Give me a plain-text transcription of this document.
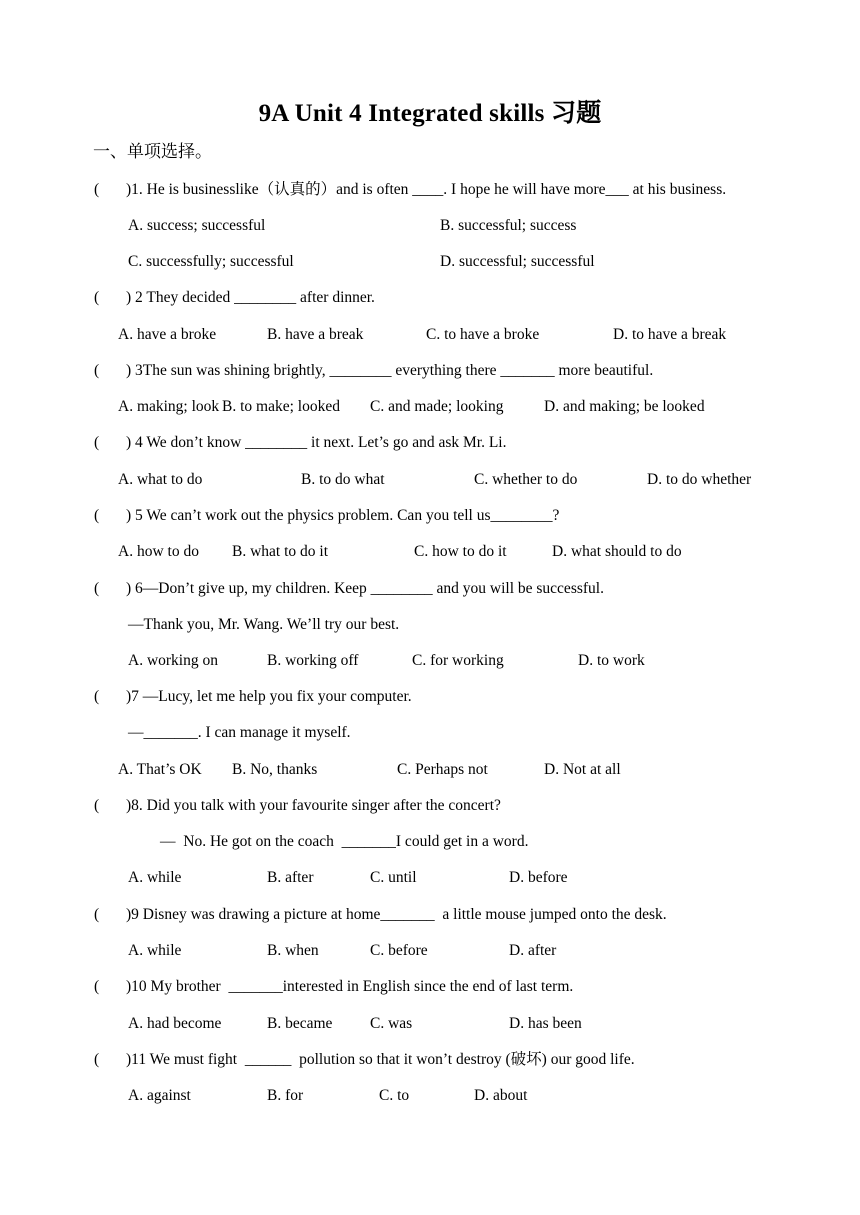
9A Unit 4 Integrated skills 习题
一、单项选择。
( )1. He is businesslike（认真的）and is often ____. I hope he will have more___ at his business.
A. success; successful	B. successful; success
C. successfully; successful	D. successful; successful
( ) 2 They decided ________ after dinner.
A. have a broke	B. have a break	C. to have a broke	D. to have a break
( ) 3The sun was shining brightly, ________ everything there _______ more beautiful.
A. making; look B. to make; looked C. and made; looking	D. and making; be looked
( ) 4 We don’t know ________ it next. Let’s go and ask Mr. Li.
A. what to do	B. to do what	C. whether to do	D. to do whether
( ) 5 We can’t work out the physics problem. Can you tell us________?
A. how to do B. what to do it	C. how to do it	D. what should to do
( ) 6—Don’t give up, my children. Keep ________ and you will be successful.
—Thank you, Mr. Wang. We’ll try our best.
A. working on	B. working off	C. for working	D. to work
( )7 —Lucy, let me help you fix your computer.
—_______. I can manage it myself.
A. That’s OK B. No, thanks	C. Perhaps not	D. Not at all
( )8. Did you talk with your favourite singer after the concert?
—  No. He got on the coach  _______I could get in a word.
A. while	B. after	C. until	D. before
( )9 Disney was drawing a picture at home_______  a little mouse jumped onto the desk.
A. while	B. when	C. before	D. after
( )10 My brother  _______interested in English since the end of last term.
A. had become	B. became C. was	D. has been
( )11 We must fight  ______  pollution so that it won’t destroy (破坏) our good life.
A. against	B. for	C. to	D. about
